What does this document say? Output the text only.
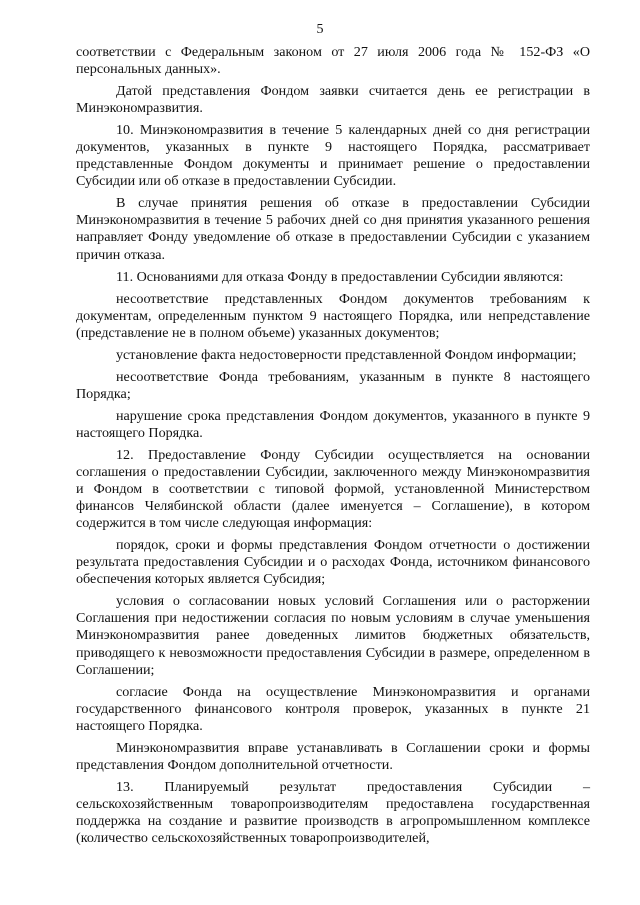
5

соответствии с Федеральным законом от 27 июля 2006 года № 152-ФЗ «О персональных данных».

Датой представления Фондом заявки считается день ее регистрации в Минэкономразвития.

10. Минэкономразвития в течение 5 календарных дней со дня регистрации документов, указанных в пункте 9 настоящего Порядка, рассматривает представленные Фондом документы и принимает решение о предоставлении Субсидии или об отказе в предоставлении Субсидии.

В случае принятия решения об отказе в предоставлении Субсидии Минэкономразвития в течение 5 рабочих дней со дня принятия указанного решения направляет Фонду уведомление об отказе в предоставлении Субсидии с указанием причин отказа.

11. Основаниями для отказа Фонду в предоставлении Субсидии являются:

несоответствие представленных Фондом документов требованиям к документам, определенным пунктом 9 настоящего Порядка, или непредставление (представление не в полном объеме) указанных документов;

установление факта недостоверности представленной Фондом информации;

несоответствие Фонда требованиям, указанным в пункте 8 настоящего Порядка;

нарушение срока представления Фондом документов, указанного в пункте 9 настоящего Порядка.

12. Предоставление Фонду Субсидии осуществляется на основании соглашения о предоставлении Субсидии, заключенного между Минэкономразвития и Фондом в соответствии с типовой формой, установленной Министерством финансов Челябинской области (далее именуется – Соглашение), в котором содержится в том числе следующая информация:

порядок, сроки и формы представления Фондом отчетности о достижении результата предоставления Субсидии и о расходах Фонда, источником финансового обеспечения которых является Субсидия;

условия о согласовании новых условий Соглашения или о расторжении Соглашения при недостижении согласия по новым условиям в случае уменьшения Минэкономразвития ранее доведенных лимитов бюджетных обязательств, приводящего к невозможности предоставления Субсидии в размере, определенном в Соглашении;

согласие Фонда на осуществление Минэкономразвития и органами государственного финансового контроля проверок, указанных в пункте 21 настоящего Порядка.

Минэкономразвития вправе устанавливать в Соглашении сроки и формы представления Фондом дополнительной отчетности.

13. Планируемый результат предоставления Субсидии – сельскохозяйственным товаропроизводителям предоставлена государственная поддержка на создание и развитие производств в агропромышленном комплексе (количество сельскохозяйственных товаропроизводителей,
